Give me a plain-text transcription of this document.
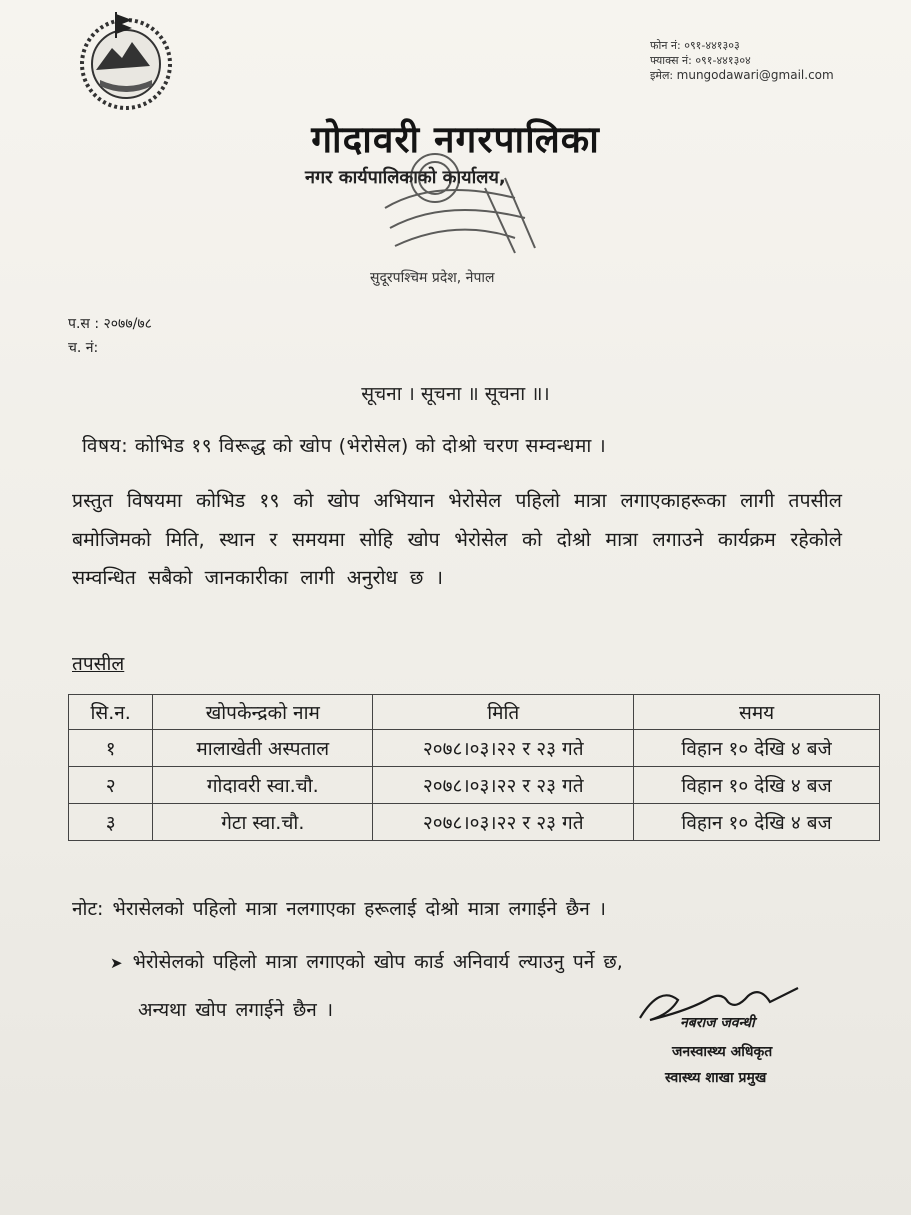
फोन नं: ०९१-४४१३०३
फ्याक्स नं: ०९१-४४१३०४
इमेल: mungodawari@gmail.com
गोदावरी नगरपालिका
नगर कार्यपालिकाको कार्यालय,
सुदूरपश्चिम प्रदेश, नेपाल
प.स : २०७७/७८
च. नं:
सूचना । सूचना ॥ सूचना ॥।
विषय: कोभिड १९ विरूद्ध को खोप (भेरोसेल) को दोश्रो चरण सम्वन्धमा ।
प्रस्तुत विषयमा कोभिड १९ को खोप अभियान भेरोसेल पहिलो मात्रा लगाएकाहरूका लागी तपसील बमोजिमको मिति, स्थान र समयमा सोहि खोप भेरोसेल को दोश्रो मात्रा लगाउने कार्यक्रम रहेकोले सम्वन्धित सबैको जानकारीका लागी अनुरोध छ ।
तपसील
सि.न.	खोपकेन्द्रको नाम	मिति	समय
१	मालाखेती अस्पताल	२०७८।०३।२२ र २३ गते	विहान १० देखि ४ बजे
२	गोदावरी स्वा.चौ.	२०७८।०३।२२ र २३ गते	विहान १० देखि ४ बज
३	गेटा स्वा.चौ.	२०७८।०३।२२ र २३ गते	विहान १० देखि ४ बज
नोट: भेरासेलको पहिलो मात्रा नलगाएका हरूलाई दोश्रो मात्रा लगाईने छैन ।
➤ भेरोसेलको पहिलो मात्रा लगाएको खोप कार्ड अनिवार्य ल्याउनु पर्ने छ,
अन्यथा खोप लगाईने छैन ।
नबराज जवन्धी
जनस्वास्थ्य अधिकृत
स्वास्थ्य शाखा प्रमुख
